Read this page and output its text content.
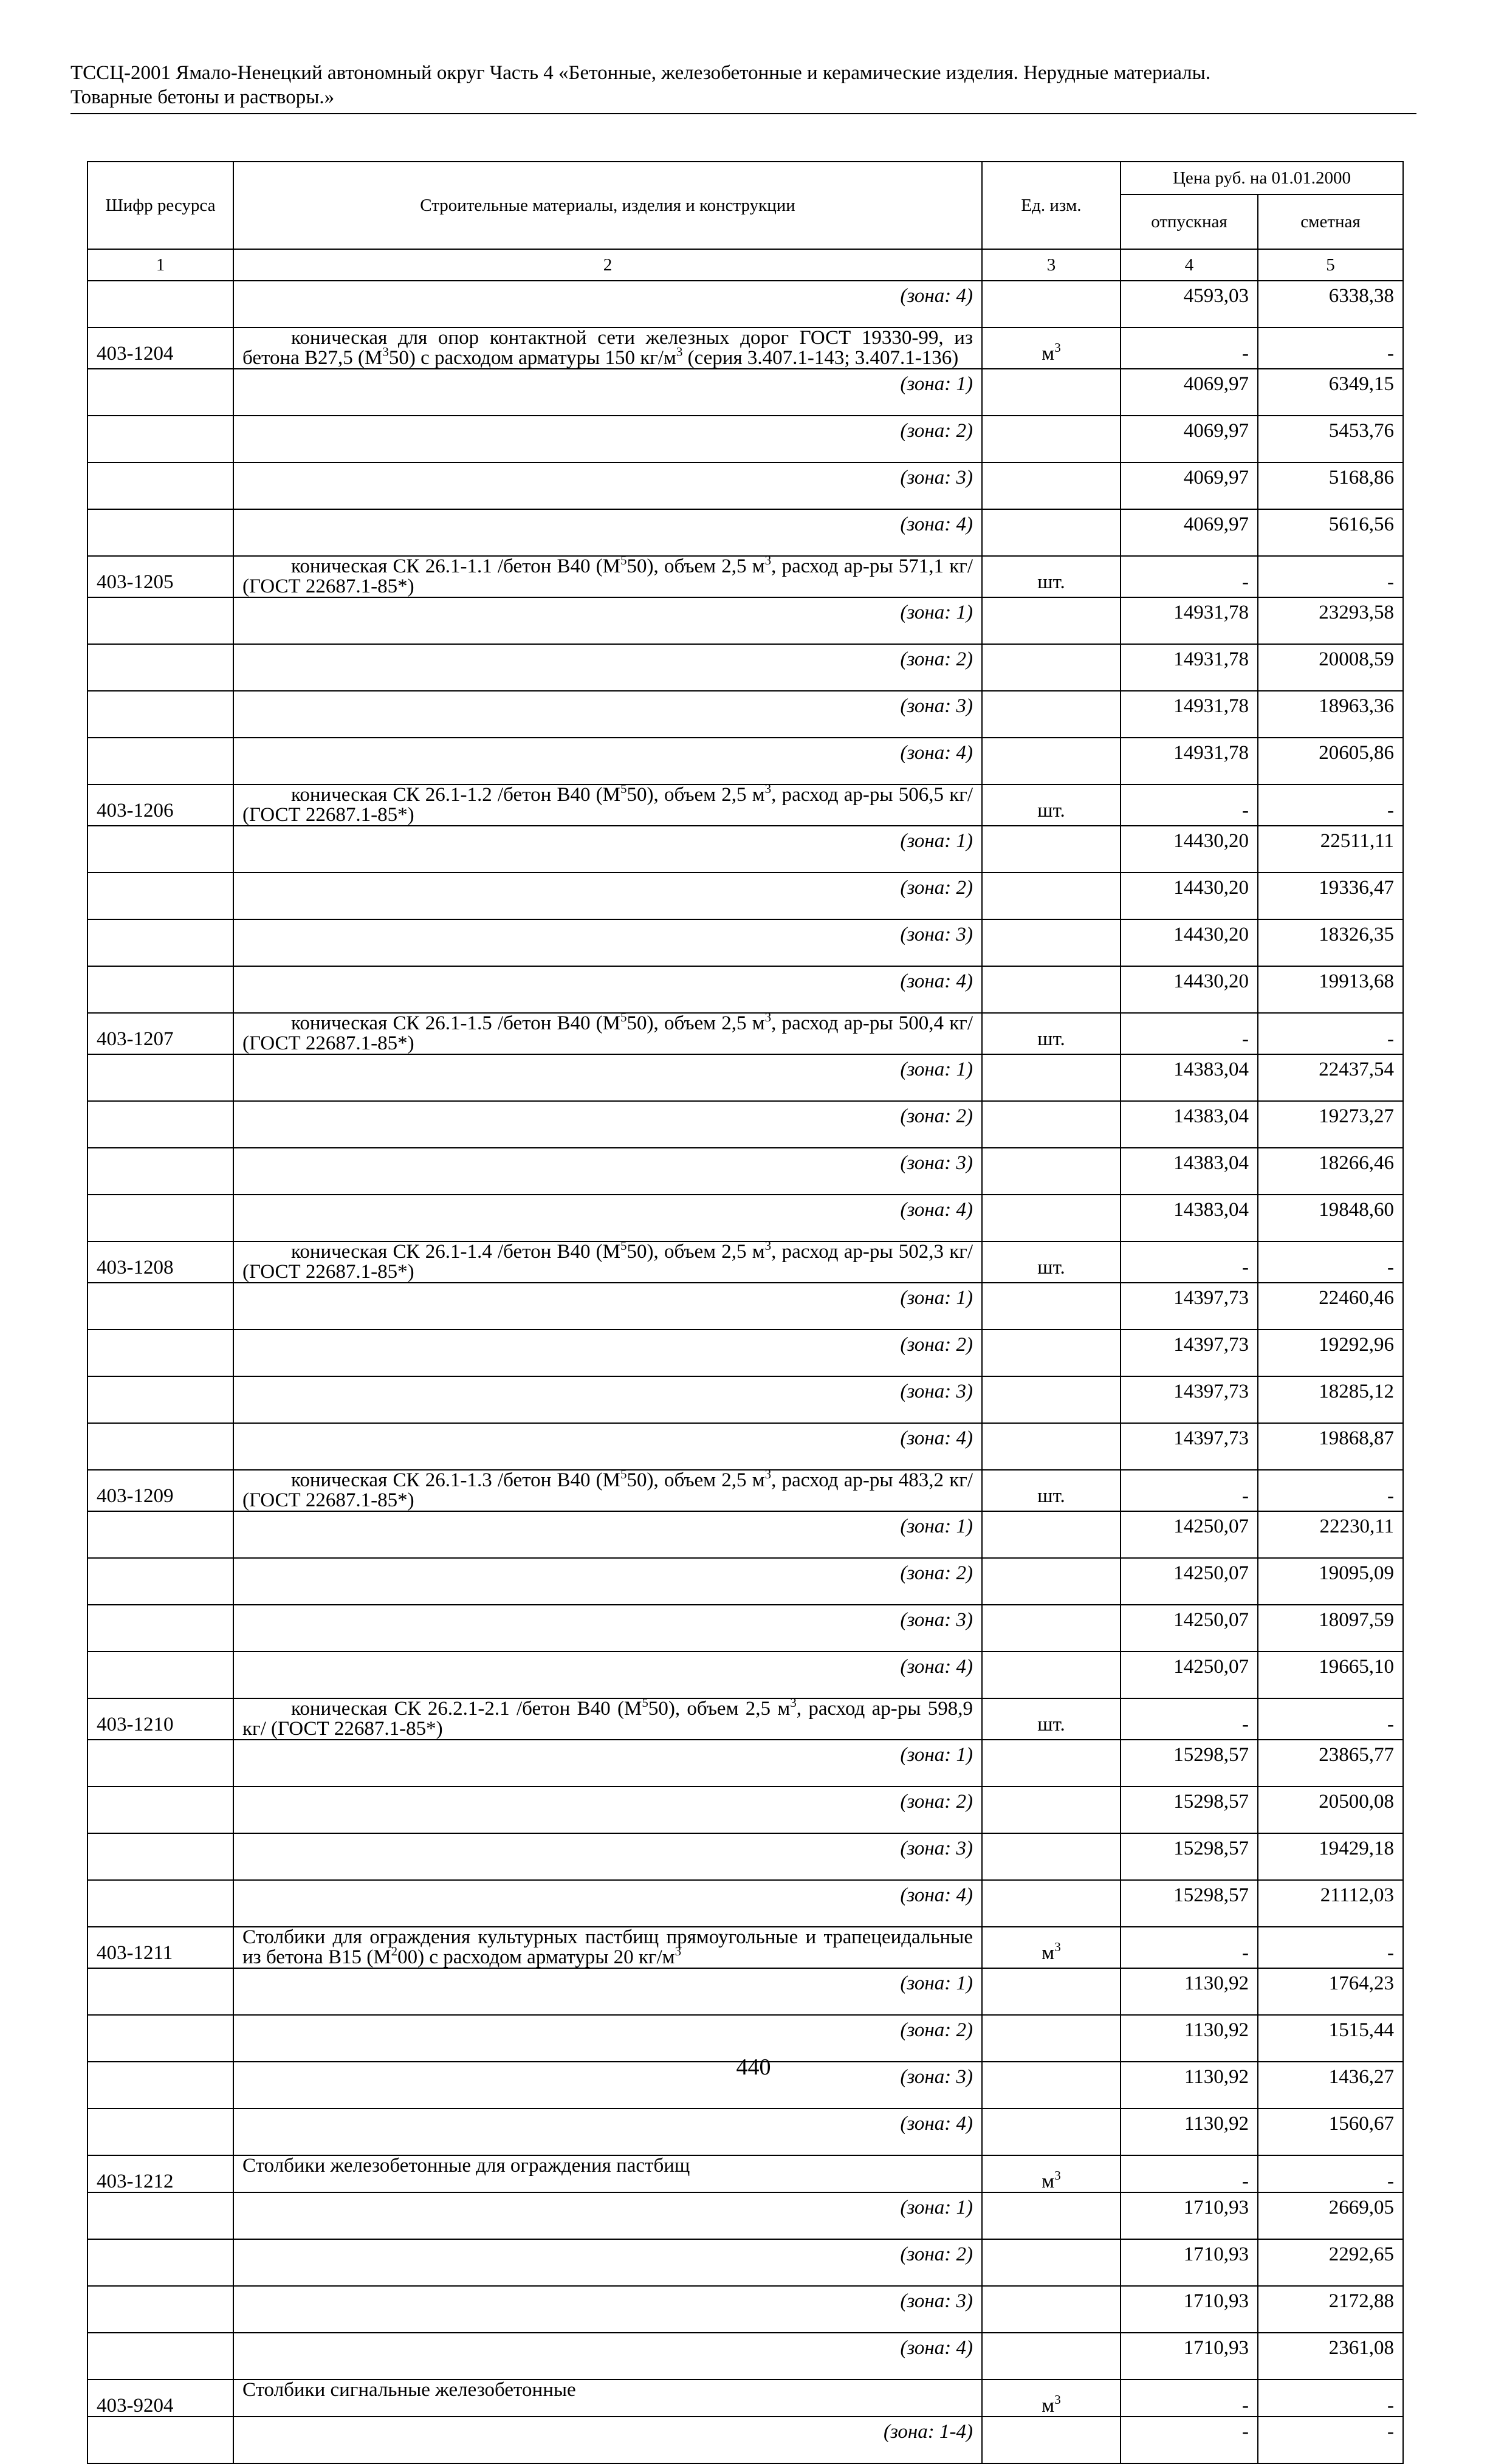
ТССЦ-2001 Ямало-Ненецкий автономный округ Часть 4 «Бетонные, железобетонные и керамические изделия. Нерудные материалы.
Товарные бетоны и растворы.»
Шифр ресурса	Строительные материалы, изделия и конструкции	Ед. изм.	Цена руб. на 01.01.2000	
			отпускная	сметная
1	2	3	4	5
	(зона: 4)		4593,03	6338,38
403-1204	коническая для опор контактной сети железных дорог ГОСТ 19330-99, из бетона В27,5 $(М^350)$ с расходом арматуры 150 $кг/м^3$ (серия 3.407.1-143; 3.407.1-136)	$м^3$	-	-
	(зона: 1)		4069,97	6349,15
	(зона: 2)		4069,97	5453,76
	(зона: 3)		4069,97	5168,86
	(зона: 4)		4069,97	5616,56
403-1205	коническая СК 26.1-1.1 /бетон В40 $(М^550)$, объем 2,5 $м^3$, расход ар-ры 571,1 кг/ (ГОСТ 22687.1-85*)	шт.	-	-
	(зона: 1)		14931,78	23293,58
	(зона: 2)		14931,78	20008,59
	(зона: 3)		14931,78	18963,36
	(зона: 4)		14931,78	20605,86
403-1206	коническая СК 26.1-1.2 /бетон В40 $(М^550)$, объем 2,5 $м^3$, расход ар-ры 506,5 кг/ (ГОСТ 22687.1-85*)	шт.	-	-
	(зона: 1)		14430,20	22511,11
	(зона: 2)		14430,20	19336,47
	(зона: 3)		14430,20	18326,35
	(зона: 4)		14430,20	19913,68
403-1207	коническая СК 26.1-1.5 /бетон В40 $(М^550)$, объем 2,5 $м^3$, расход ар-ры 500,4 кг/ (ГОСТ 22687.1-85*)	шт.	-	-
	(зона: 1)		14383,04	22437,54
	(зона: 2)		14383,04	19273,27
	(зона: 3)		14383,04	18266,46
	(зона: 4)		14383,04	19848,60
403-1208	коническая СК 26.1-1.4 /бетон В40 $(М^550)$, объем 2,5 $м^3$, расход ар-ры 502,3 кг/ (ГОСТ 22687.1-85*)	шт.	-	-
	(зона: 1)		14397,73	22460,46
	(зона: 2)		14397,73	19292,96
	(зона: 3)		14397,73	18285,12
	(зона: 4)		14397,73	19868,87
403-1209	коническая СК 26.1-1.3 /бетон В40 $(М^550)$, объем 2,5 $м^3$, расход ар-ры 483,2 кг/ (ГОСТ 22687.1-85*)	шт.	-	-
	(зона: 1)		14250,07	22230,11
	(зона: 2)		14250,07	19095,09
	(зона: 3)		14250,07	18097,59
	(зона: 4)		14250,07	19665,10
403-1210	коническая СК 26.2.1-2.1 /бетон В40 $(М^550)$, объем 2,5 $м^3$, расход ар-ры 598,9 кг/ (ГОСТ 22687.1-85*)	шт.	-	-
	(зона: 1)		15298,57	23865,77
	(зона: 2)		15298,57	20500,08
	(зона: 3)		15298,57	19429,18
	(зона: 4)		15298,57	21112,03
403-1211	Столбики для ограждения культурных пастбищ прямоугольные и трапецеидальные из бетона В15 $(М^200)$ с расходом арматуры 20 $кг/м^3$	$м^3$	-	-
	(зона: 1)		1130,92	1764,23
	(зона: 2)		1130,92	1515,44
	(зона: 3)		1130,92	1436,27
	(зона: 4)		1130,92	1560,67
403-1212	Столбики железобетонные для ограждения пастбищ	$м^3$	-	-
	(зона: 1)		1710,93	2669,05
	(зона: 2)		1710,93	2292,65
	(зона: 3)		1710,93	2172,88
	(зона: 4)		1710,93	2361,08
403-9204	Столбики сигнальные железобетонные	$м^3$	-	-
	(зона: 1-4)		-	-
440
